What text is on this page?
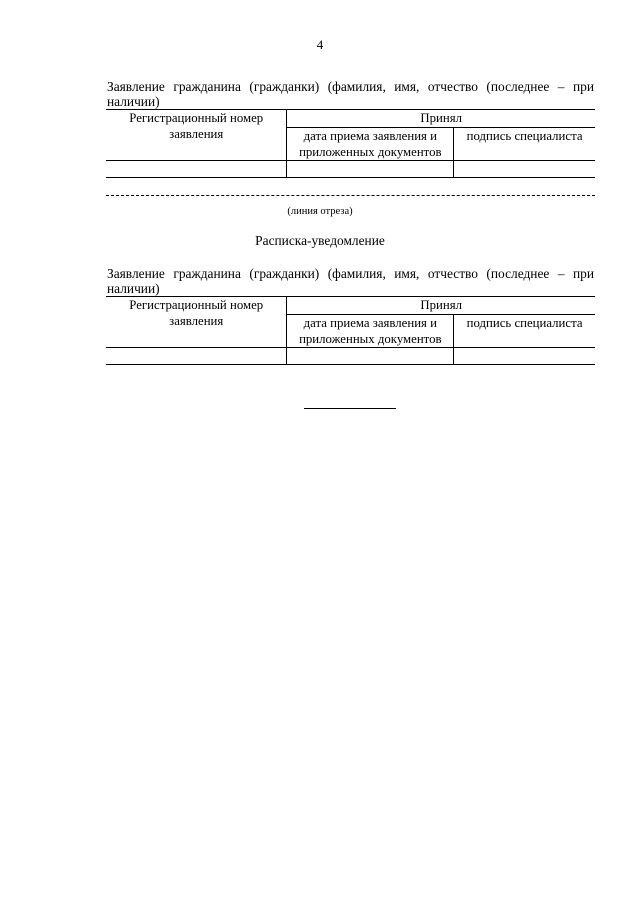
4
Заявление гражданина (гражданки) (фамилия, имя, отчество (последнее – при наличии)
Регистрационный номер заявления	Принял	
	дата приема заявления и приложенных документов	подпись специалиста

(линия отреза)
Расписка-уведомление
Заявление гражданина (гражданки) (фамилия, имя, отчество (последнее – при наличии)
Регистрационный номер заявления	Принял	
	дата приема заявления и приложенных документов	подпись специалиста
